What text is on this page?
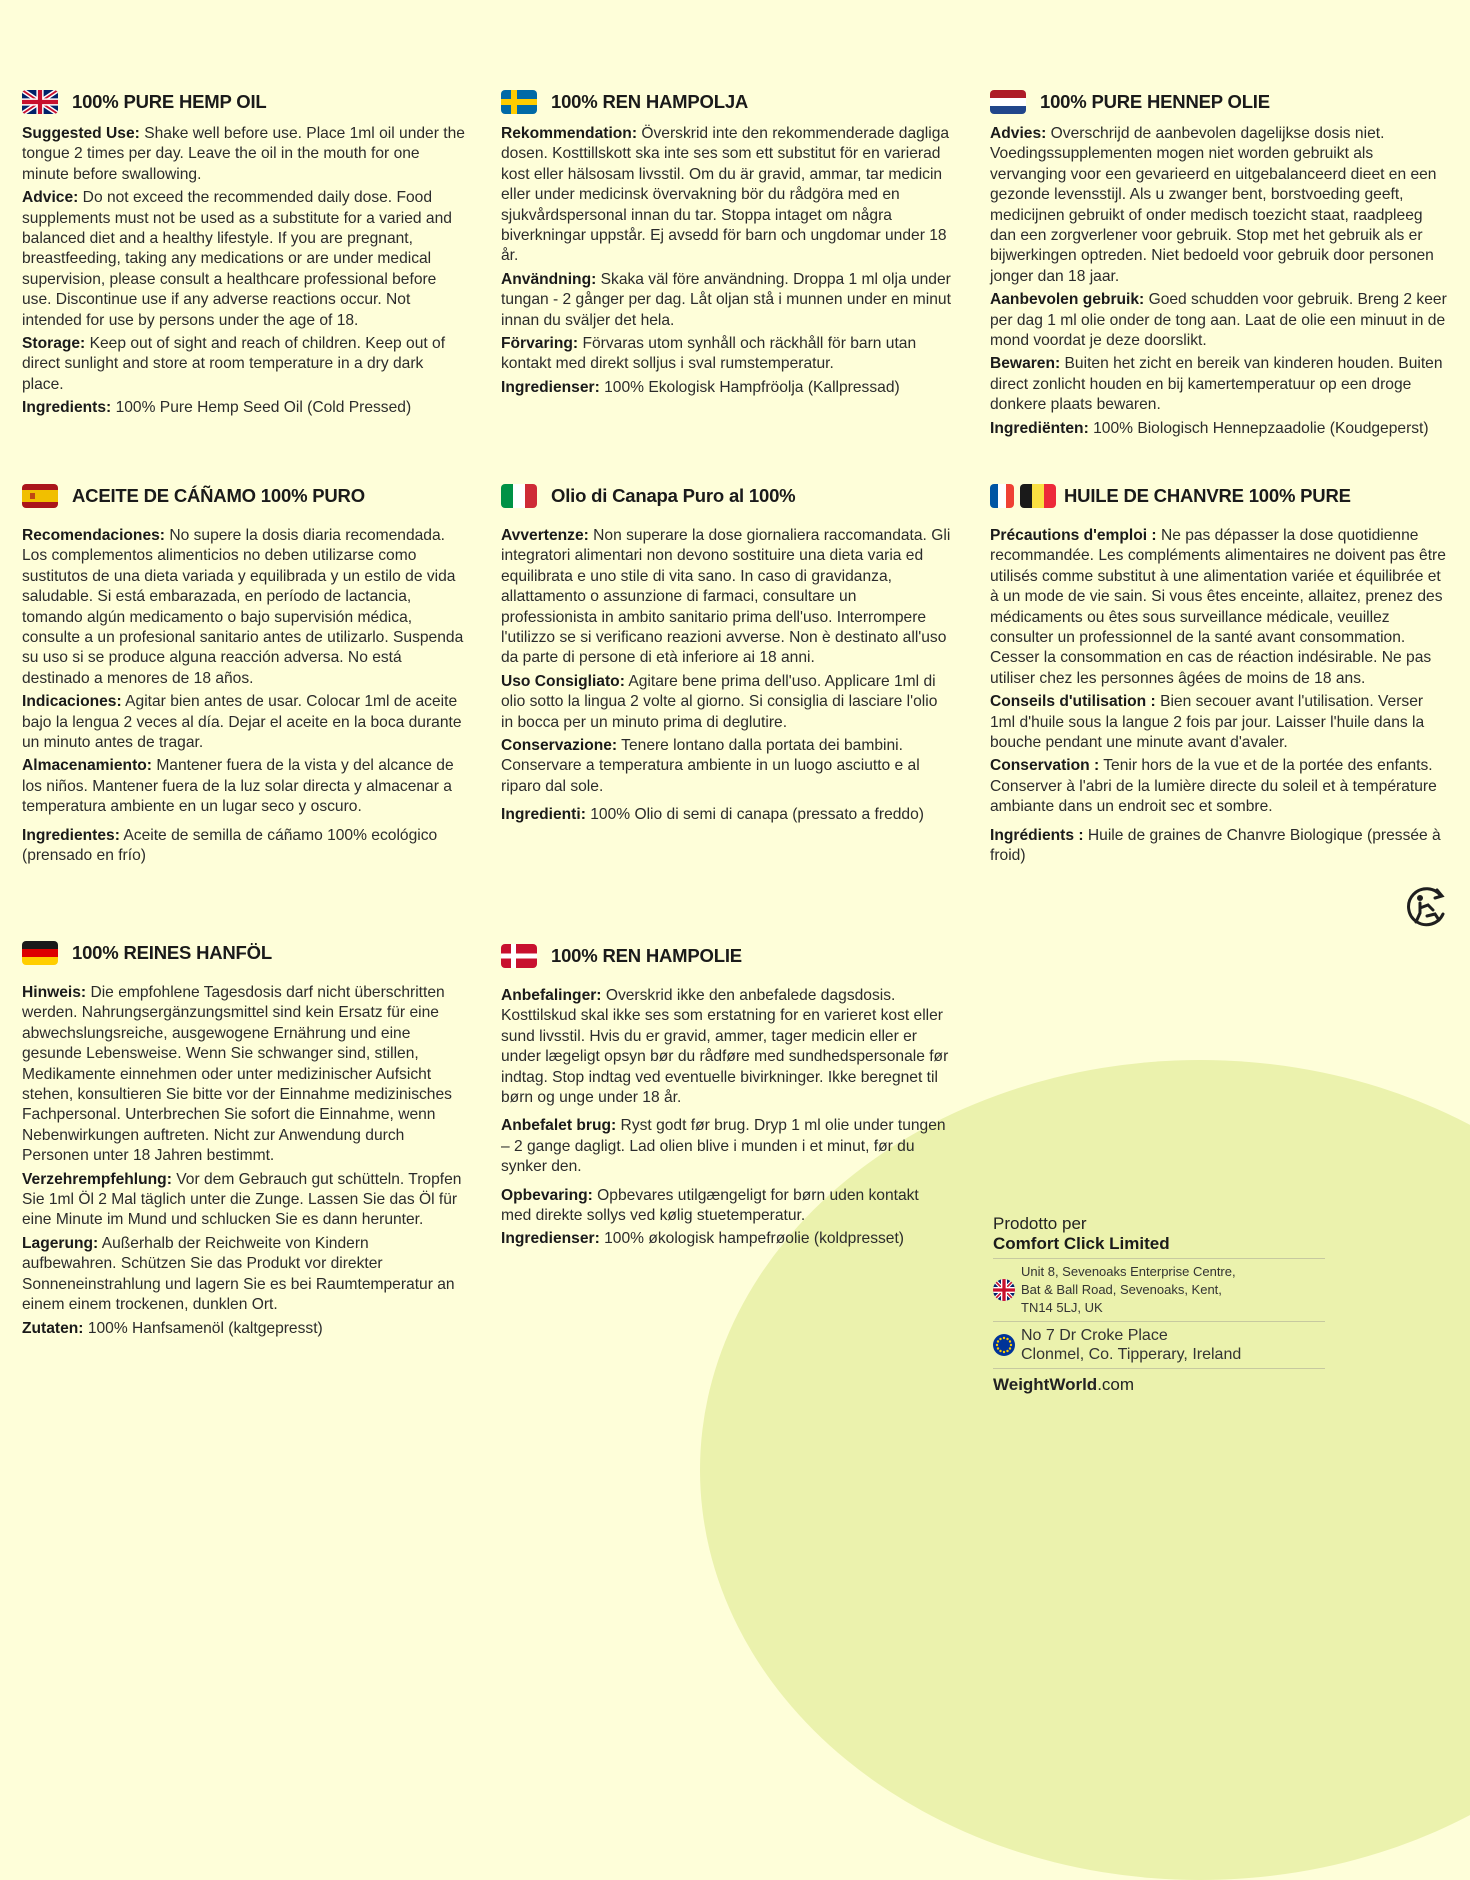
100% PURE HEMP OIL

Suggested Use: Shake well before use. Place 1ml oil under the tongue 2 times per day. Leave the oil in the mouth for one minute before swallowing.

Advice: Do not exceed the recommended daily dose. Food supplements must not be used as a substitute for a varied and balanced diet and a healthy lifestyle. If you are pregnant, breastfeeding, taking any medications or are under medical supervision, please consult a healthcare professional before use. Discontinue use if any adverse reactions occur. Not intended for use by persons under the age of 18.

Storage: Keep out of sight and reach of children. Keep out of direct sunlight and store at room temperature in a dry dark place.

Ingredients: 100% Pure Hemp Seed Oil (Cold Pressed)

100% REN HAMPOLJA

Rekommendation: Överskrid inte den rekommenderade dagliga dosen. Kosttillskott ska inte ses som ett substitut för en varierad kost eller hälsosam livsstil. Om du är gravid, ammar, tar medicin eller under medicinsk övervakning bör du rådgöra med en sjukvårdspersonal innan du tar. Stoppa intaget om några biverkningar uppstår. Ej avsedd för barn och ungdomar under 18 år.

Användning: Skaka väl före användning. Droppa 1 ml olja under tungan - 2 gånger per dag. Låt oljan stå i munnen under en minut innan du sväljer det hela.

Förvaring: Förvaras utom synhåll och räckhåll för barn utan kontakt med direkt solljus i sval rumstemperatur.

Ingredienser: 100% Ekologisk Hampfröolja (Kallpressad)

100% PURE HENNEP OLIE

Advies: Overschrijd de aanbevolen dagelijkse dosis niet. Voedingssupplementen mogen niet worden gebruikt als vervanging voor een gevarieerd en uitgebalanceerd dieet en een gezonde levensstijl. Als u zwanger bent, borstvoeding geeft, medicijnen gebruikt of onder medisch toezicht staat, raadpleeg dan een zorgverlener voor gebruik. Stop met het gebruik als er bijwerkingen optreden. Niet bedoeld voor gebruik door personen jonger dan 18 jaar.

Aanbevolen gebruik: Goed schudden voor gebruik. Breng 2 keer per dag 1 ml olie onder de tong aan. Laat de olie een minuut in de mond voordat je deze doorslikt.

Bewaren: Buiten het zicht en bereik van kinderen houden. Buiten direct zonlicht houden en bij kamertemperatuur op een droge donkere plaats bewaren.

Ingrediënten: 100% Biologisch Hennepzaadolie (Koudgeperst)

ACEITE DE CÁÑAMO 100% PURO

Recomendaciones: No supere la dosis diaria recomendada. Los complementos alimenticios no deben utilizarse como sustitutos de una dieta variada y equilibrada y un estilo de vida saludable. Si está embarazada, en período de lactancia, tomando algún medicamento o bajo supervisión médica, consulte a un profesional sanitario antes de utilizarlo. Suspenda su uso si se produce alguna reacción adversa. No está destinado a menores de 18 años.

Indicaciones: Agitar bien antes de usar. Colocar 1ml de aceite bajo la lengua 2 veces al día. Dejar el aceite en la boca durante un minuto antes de tragar.

Almacenamiento: Mantener fuera de la vista y del alcance de los niños. Mantener fuera de la luz solar directa y almacenar a temperatura ambiente en un lugar seco y oscuro.

Ingredientes: Aceite de semilla de cáñamo 100% ecológico (prensado en frío)

Olio di Canapa Puro al 100%

Avvertenze: Non superare la dose giornaliera raccomandata. Gli integratori alimentari non devono sostituire una dieta varia ed equilibrata e uno stile di vita sano. In caso di gravidanza, allattamento o assunzione di farmaci, consultare un professionista in ambito sanitario prima dell'uso. Interrompere l'utilizzo se si verificano reazioni avverse. Non è destinato all'uso da parte di persone di età inferiore ai 18 anni.

Uso Consigliato: Agitare bene prima dell'uso. Applicare 1ml di olio sotto la lingua 2 volte al giorno. Si consiglia di lasciare l'olio in bocca per un minuto prima di deglutire.

Conservazione: Tenere lontano dalla portata dei bambini. Conservare a temperatura ambiente in un luogo asciutto e al riparo dal sole.

Ingredienti: 100% Olio di semi di canapa (pressato a freddo)

HUILE DE CHANVRE 100% PURE

Précautions d'emploi : Ne pas dépasser la dose quotidienne recommandée. Les compléments alimentaires ne doivent pas être utilisés comme substitut à une alimentation variée et équilibrée et à un mode de vie sain. Si vous êtes enceinte, allaitez, prenez des médicaments ou êtes sous surveillance médicale, veuillez consulter un professionnel de la santé avant consommation. Cesser la consommation en cas de réaction indésirable. Ne pas utiliser chez les personnes âgées de moins de 18 ans.

Conseils d'utilisation : Bien secouer avant l'utilisation. Verser 1ml d'huile sous la langue 2 fois par jour. Laisser l'huile dans la bouche pendant une minute avant d'avaler.

Conservation : Tenir hors de la vue et de la portée des enfants. Conserver à l'abri de la lumière directe du soleil et à température ambiante dans un endroit sec et sombre.

Ingrédients : Huile de graines de Chanvre Biologique (pressée à froid)

100% REINES HANFÖL

Hinweis: Die empfohlene Tagesdosis darf nicht überschritten werden. Nahrungsergänzungsmittel sind kein Ersatz für eine abwechslungsreiche, ausgewogene Ernährung und eine gesunde Lebensweise. Wenn Sie schwanger sind, stillen, Medikamente einnehmen oder unter medizinischer Aufsicht stehen, konsultieren Sie bitte vor der Einnahme medizinisches Fachpersonal. Unterbrechen Sie sofort die Einnahme, wenn Nebenwirkungen auftreten. Nicht zur Anwendung durch Personen unter 18 Jahren bestimmt.

Verzehrempfehlung: Vor dem Gebrauch gut schütteln. Tropfen Sie 1ml Öl 2 Mal täglich unter die Zunge. Lassen Sie das Öl für eine Minute im Mund und schlucken Sie es dann herunter.

Lagerung: Außerhalb der Reichweite von Kindern aufbewahren. Schützen Sie das Produkt vor direkter Sonneneinstrahlung und lagern Sie es bei Raumtemperatur an einem einem trockenen, dunklen Ort.

Zutaten: 100% Hanfsamenöl (kaltgepresst)

100% REN HAMPOLIE

Anbefalinger: Overskrid ikke den anbefalede dagsdosis. Kosttilskud skal ikke ses som erstatning for en varieret kost eller sund livsstil. Hvis du er gravid, ammer, tager medicin eller er under lægeligt opsyn bør du rådføre med sundhedspersonale før indtag. Stop indtag ved eventuelle bivirkninger. Ikke beregnet til børn og unge under 18 år.

Anbefalet brug: Ryst godt før brug. Dryp 1 ml olie under tungen – 2 gange dagligt. Lad olien blive i munden i et minut, før du synker den.

Opbevaring: Opbevares utilgængeligt for børn uden kontakt med direkte sollys ved kølig stuetemperatur.

Ingredienser: 100% økologisk hampefrøolie (koldpresset)

Prodotto per
Comfort Click Limited
Unit 8, Sevenoaks Enterprise Centre,
Bat & Ball Road, Sevenoaks, Kent,
TN14 5LJ, UK
No 7 Dr Croke Place
Clonmel, Co. Tipperary, Ireland
WeightWorld.com
